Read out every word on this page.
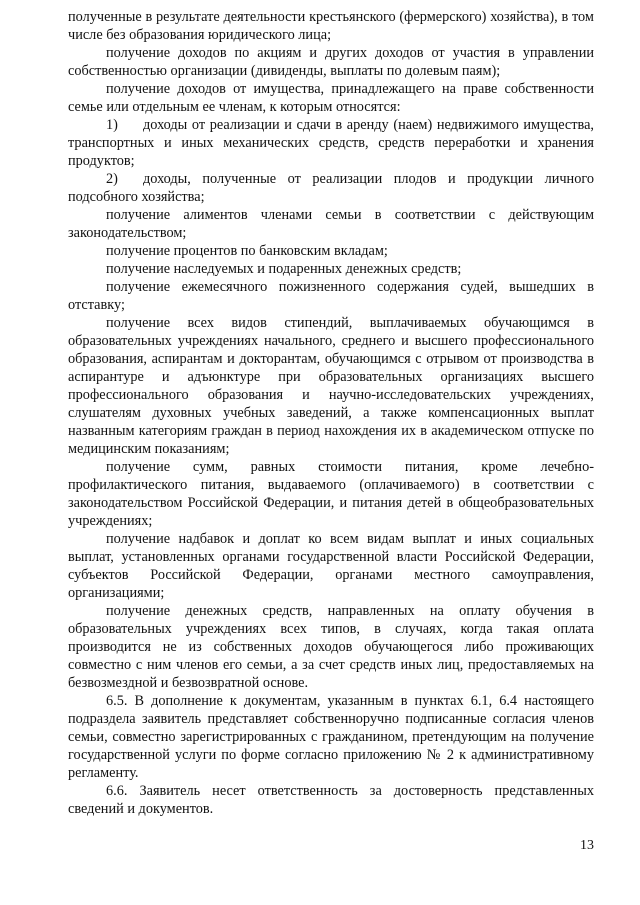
полученные в результате деятельности крестьянского (фермерского) хозяйства), в том числе без образования юридического лица;

получение доходов по акциям и других доходов от участия в управлении собственностью организации (дивиденды, выплаты по долевым паям);

получение доходов от имущества, принадлежащего на праве собственности семье или отдельным ее членам, к которым относятся:

1) доходы от реализации и сдачи в аренду (наем) недвижимого имущества, транспортных и иных механических средств, средств переработки и хранения продуктов;

2) доходы, полученные от реализации плодов и продукции личного подсобного хозяйства;

получение алиментов членами семьи в соответствии с действующим законодательством;

получение процентов по банковским вкладам;

получение наследуемых и подаренных денежных средств;

получение ежемесячного пожизненного содержания судей, вышедших в отставку;

получение всех видов стипендий, выплачиваемых обучающимся в образовательных учреждениях начального, среднего и высшего профессионального образования, аспирантам и докторантам, обучающимся с отрывом от производства в аспирантуре и адъюнктуре при образовательных организациях высшего профессионального образования и научно-исследовательских учреждениях, слушателям духовных учебных заведений, а также компенсационных выплат названным категориям граждан в период нахождения их в академическом отпуске по медицинским показаниям;

получение сумм, равных стоимости питания, кроме лечебно-профилактического питания, выдаваемого (оплачиваемого) в соответствии с законодательством Российской Федерации, и питания детей в общеобразовательных учреждениях;

получение надбавок и доплат ко всем видам выплат и иных социальных выплат, установленных органами государственной власти Российской Федерации, субъектов Российской Федерации, органами местного самоуправления, организациями;

получение денежных средств, направленных на оплату обучения в образовательных учреждениях всех типов, в случаях, когда такая оплата производится не из собственных доходов обучающегося либо проживающих совместно с ним членов его семьи, а за счет средств иных лиц, предоставляемых на безвозмездной и безвозвратной основе.

6.5. В дополнение к документам, указанным в пунктах 6.1, 6.4 настоящего подраздела заявитель представляет собственноручно подписанные согласия членов семьи, совместно зарегистрированных с гражданином, претендующим на получение государственной услуги по форме согласно приложению № 2 к административному регламенту.

6.6. Заявитель несет ответственность за достоверность представленных сведений и документов.

13
